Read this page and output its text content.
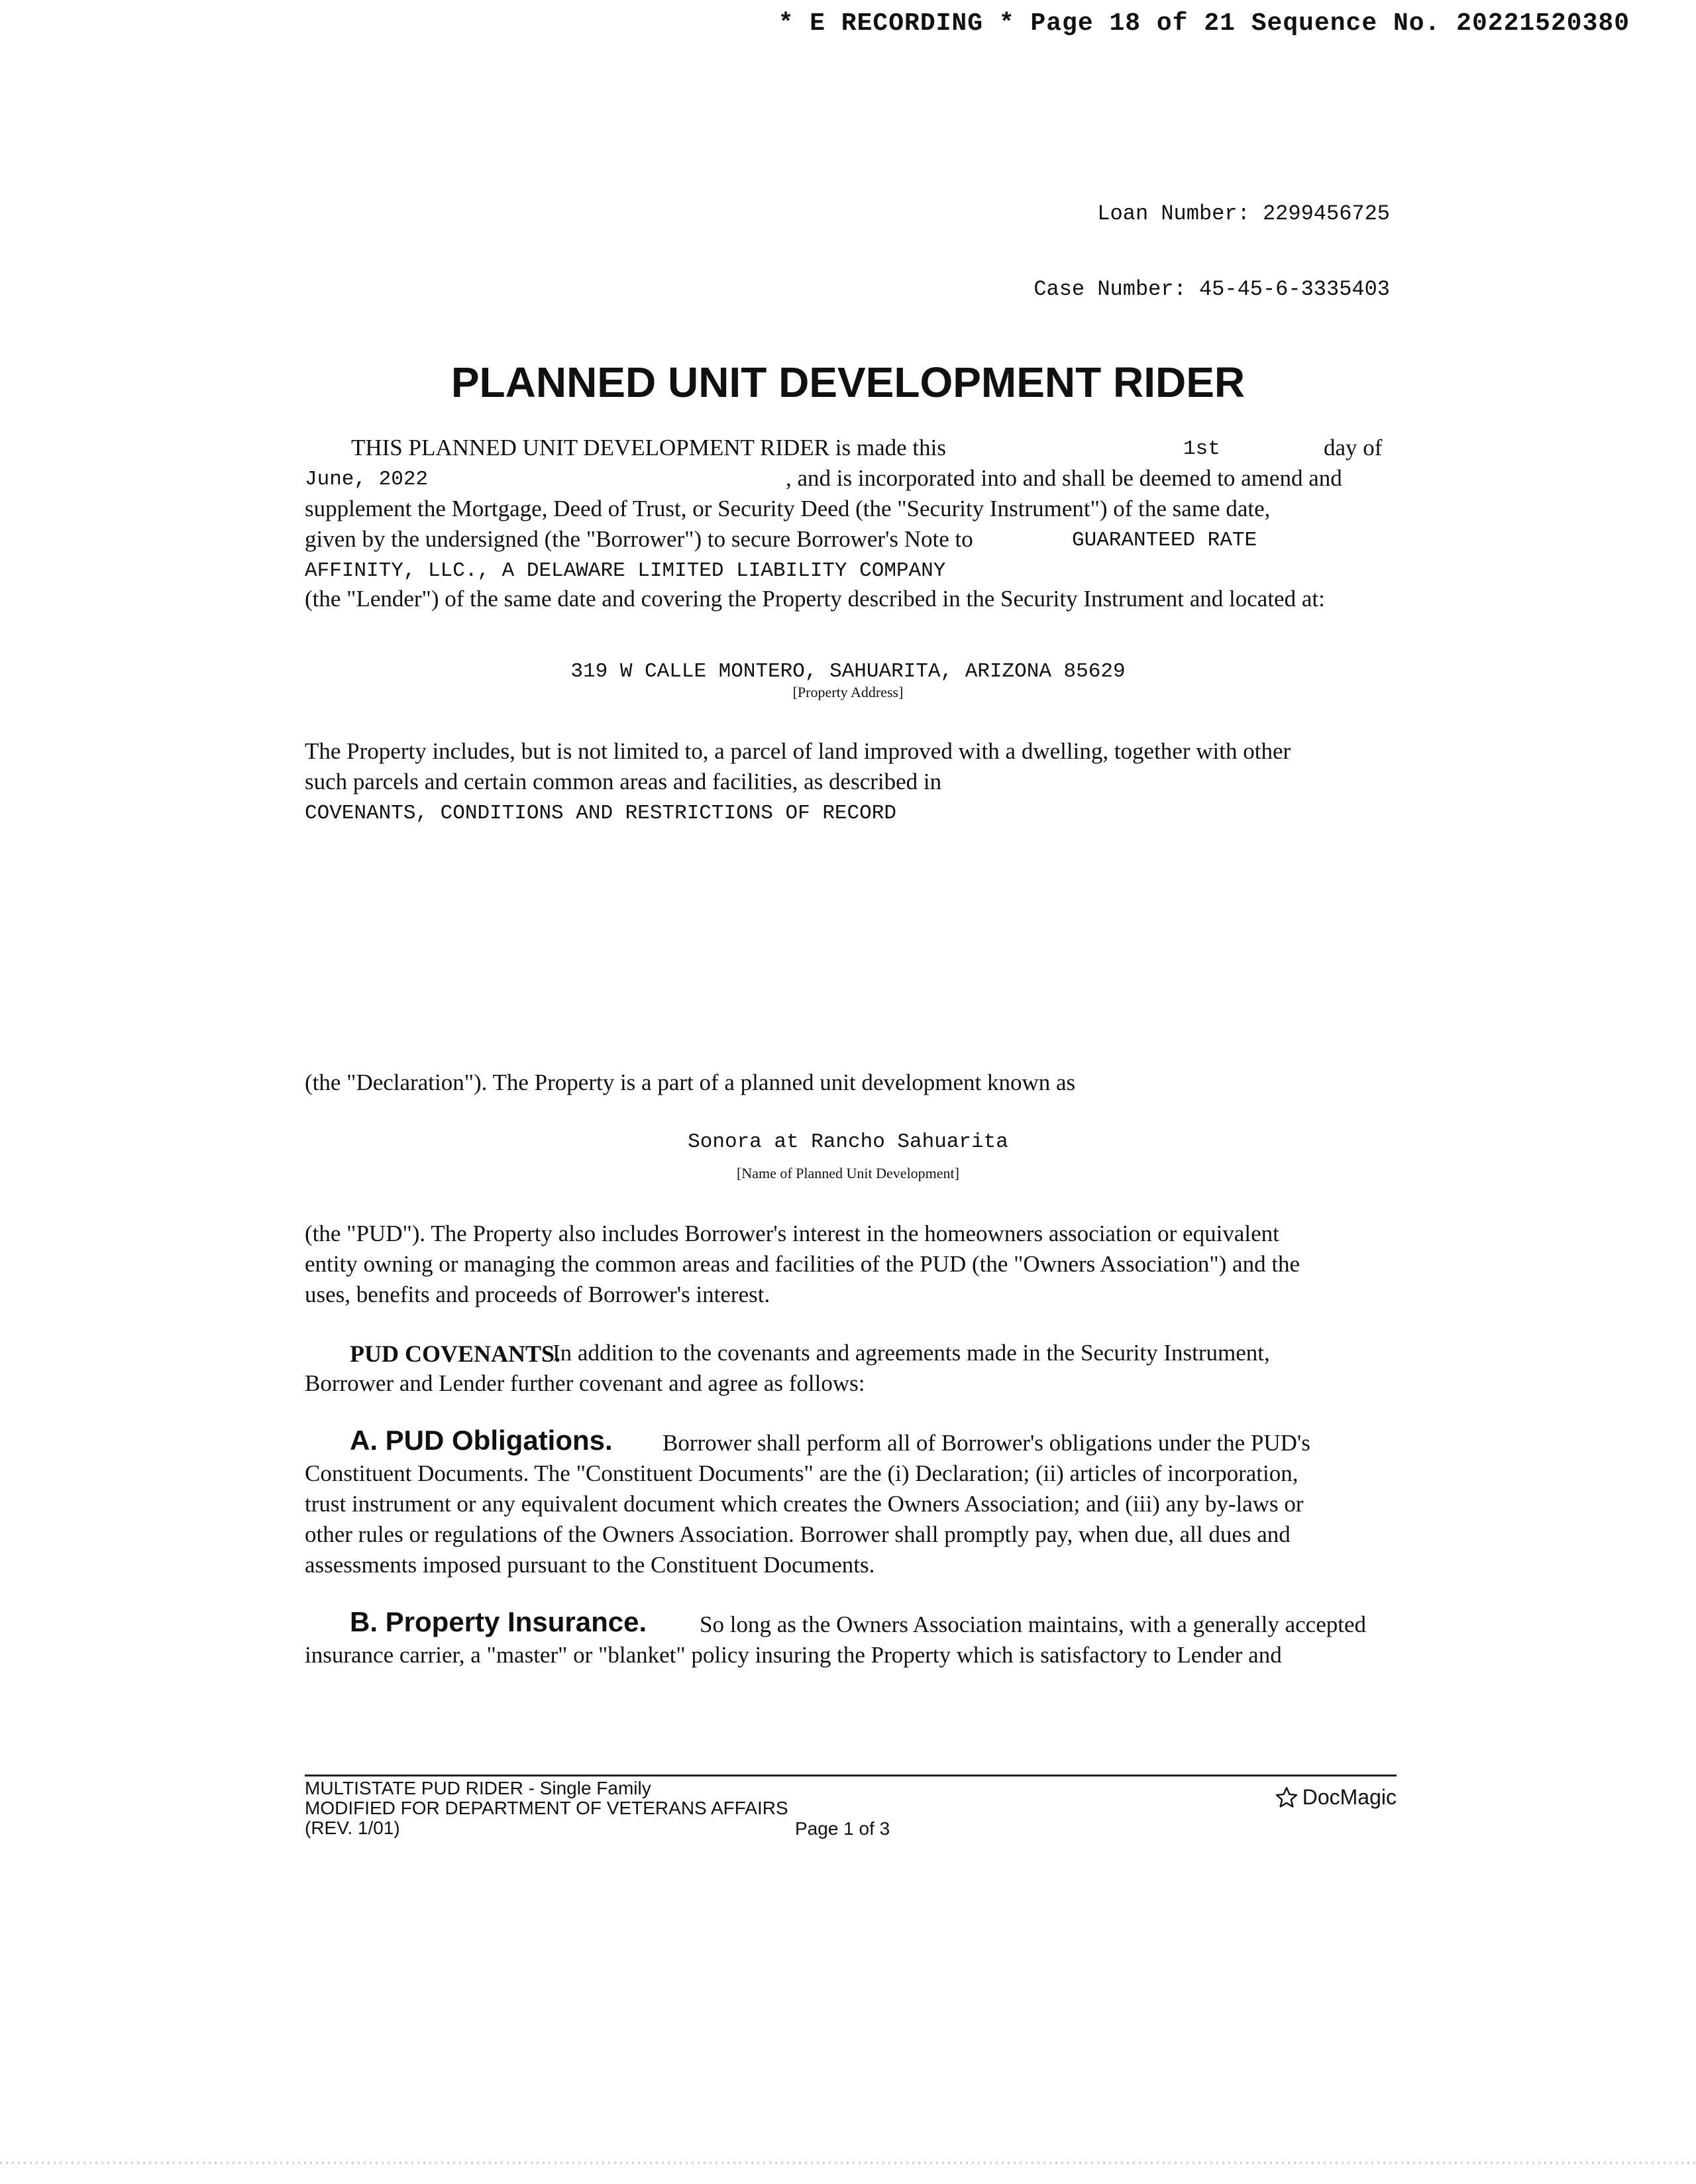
* E RECORDING * Page 18 of 21 Sequence No. 20221520380

Loan Number: 2299456725

Case Number: 45-45-6-3335403

PLANNED UNIT DEVELOPMENT RIDER
THIS PLANNED UNIT DEVELOPMENT RIDER is made this	1st	day of
June, 2022	, and is incorporated into and shall be deemed to amend and
supplement the Mortgage, Deed of Trust, or Security Deed (the "Security Instrument") of the same date,
given by the undersigned (the "Borrower") to secure Borrower's Note to	GUARANTEED RATE
AFFINITY, LLC., A DELAWARE LIMITED LIABILITY COMPANY
(the "Lender") of the same date and covering the Property described in the Security Instrument and located at:
319 W CALLE MONTERO, SAHUARITA, ARIZONA 85629
[Property Address]
The Property includes, but is not limited to, a parcel of land improved with a dwelling, together with other
such parcels and certain common areas and facilities, as described in
COVENANTS, CONDITIONS AND RESTRICTIONS OF RECORD
(the "Declaration"). The Property is a part of a planned unit development known as
Sonora at Rancho Sahuarita
[Name of Planned Unit Development]
(the "PUD"). The Property also includes Borrower's interest in the homeowners association or equivalent
entity owning or managing the common areas and facilities of the PUD (the "Owners Association") and the
uses, benefits and proceeds of Borrower's interest.
PUD COVENANTS.
In addition to the covenants and agreements made in the Security Instrument,
Borrower and Lender further covenant and agree as follows:
A. PUD Obligations. Borrower shall perform all of Borrower's obligations under the PUD's
Constituent Documents. The "Constituent Documents" are the (i) Declaration; (ii) articles of incorporation,
trust instrument or any equivalent document which creates the Owners Association; and (iii) any by-laws or
other rules or regulations of the Owners Association. Borrower shall promptly pay, when due, all dues and
assessments imposed pursuant to the Constituent Documents.
B. Property Insurance. So long as the Owners Association maintains, with a generally accepted
insurance carrier, a "master" or "blanket" policy insuring the Property which is satisfactory to Lender and
MULTISTATE PUD RIDER - Single Family
MODIFIED FOR DEPARTMENT OF VETERANS AFFAIRS
(REV. 1/01)	Page 1 of 3
DocMagic
